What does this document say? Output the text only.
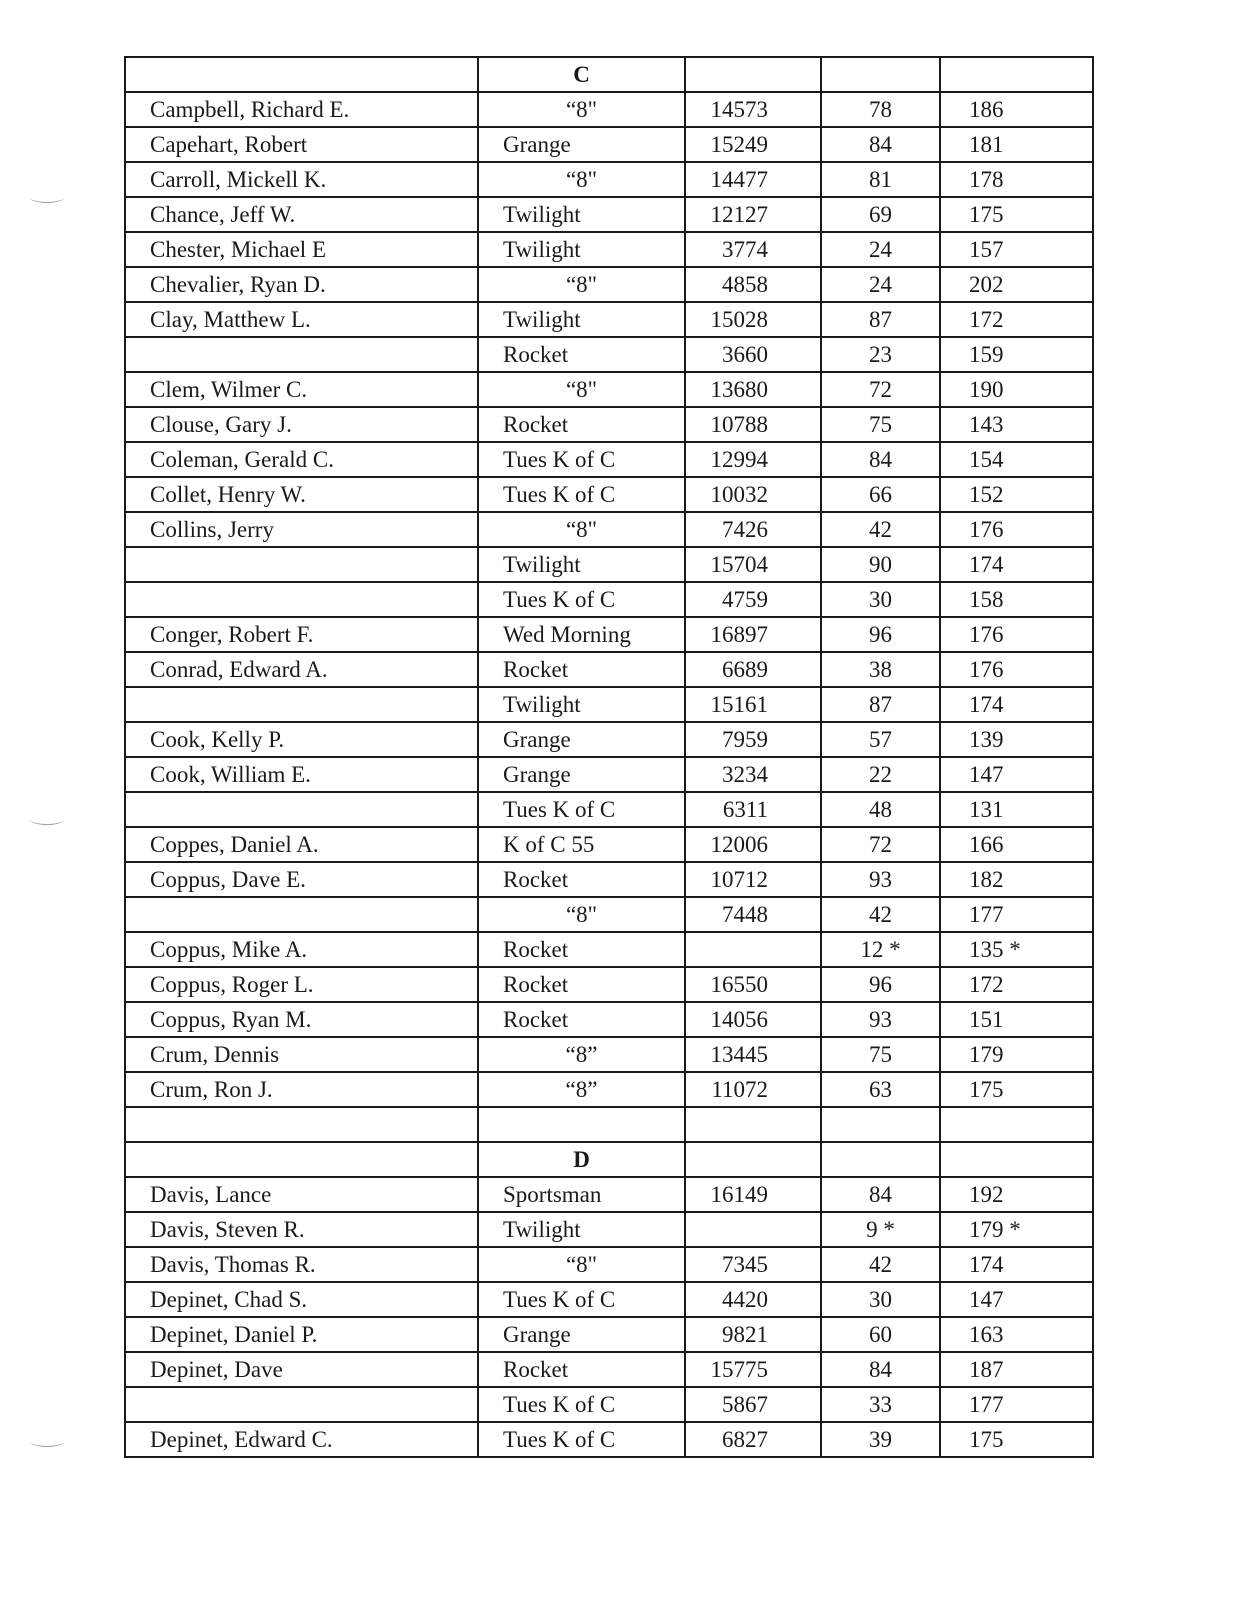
	C			
Campbell, Richard E.	“8"	14573	78	186
Capehart, Robert	Grange	15249	84	181
Carroll, Mickell K.	“8"	14477	81	178
Chance, Jeff W.	Twilight	12127	69	175
Chester, Michael E	Twilight	3774	24	157
Chevalier, Ryan D.	“8"	4858	24	202
Clay, Matthew L.	Twilight	15028	87	172
	Rocket	3660	23	159
Clem, Wilmer C.	“8"	13680	72	190
Clouse, Gary J.	Rocket	10788	75	143
Coleman, Gerald C.	Tues K of C	12994	84	154
Collet, Henry W.	Tues K of C	10032	66	152
Collins, Jerry	“8"	7426	42	176
	Twilight	15704	90	174
	Tues K of C	4759	30	158
Conger, Robert F.	Wed Morning	16897	96	176
Conrad, Edward A.	Rocket	6689	38	176
	Twilight	15161	87	174
Cook, Kelly P.	Grange	7959	57	139
Cook, William E.	Grange	3234	22	147
	Tues K of C	6311	48	131
Coppes, Daniel A.	K of C 55	12006	72	166
Coppus, Dave E.	Rocket	10712	93	182
	“8"	7448	42	177
Coppus, Mike A.	Rocket		12 *	135 *
Coppus, Roger L.	Rocket	16550	96	172
Coppus, Ryan M.	Rocket	14056	93	151
Crum, Dennis	“8”	13445	75	179
Crum, Ron J.	“8”	11072	63	175

	D			
Davis, Lance	Sportsman	16149	84	192
Davis, Steven R.	Twilight		9 *	179 *
Davis, Thomas R.	“8"	7345	42	174
Depinet, Chad S.	Tues K of C	4420	30	147
Depinet, Daniel P.	Grange	9821	60	163
Depinet, Dave	Rocket	15775	84	187
	Tues K of C	5867	33	177
Depinet, Edward C.	Tues K of C	6827	39	175
